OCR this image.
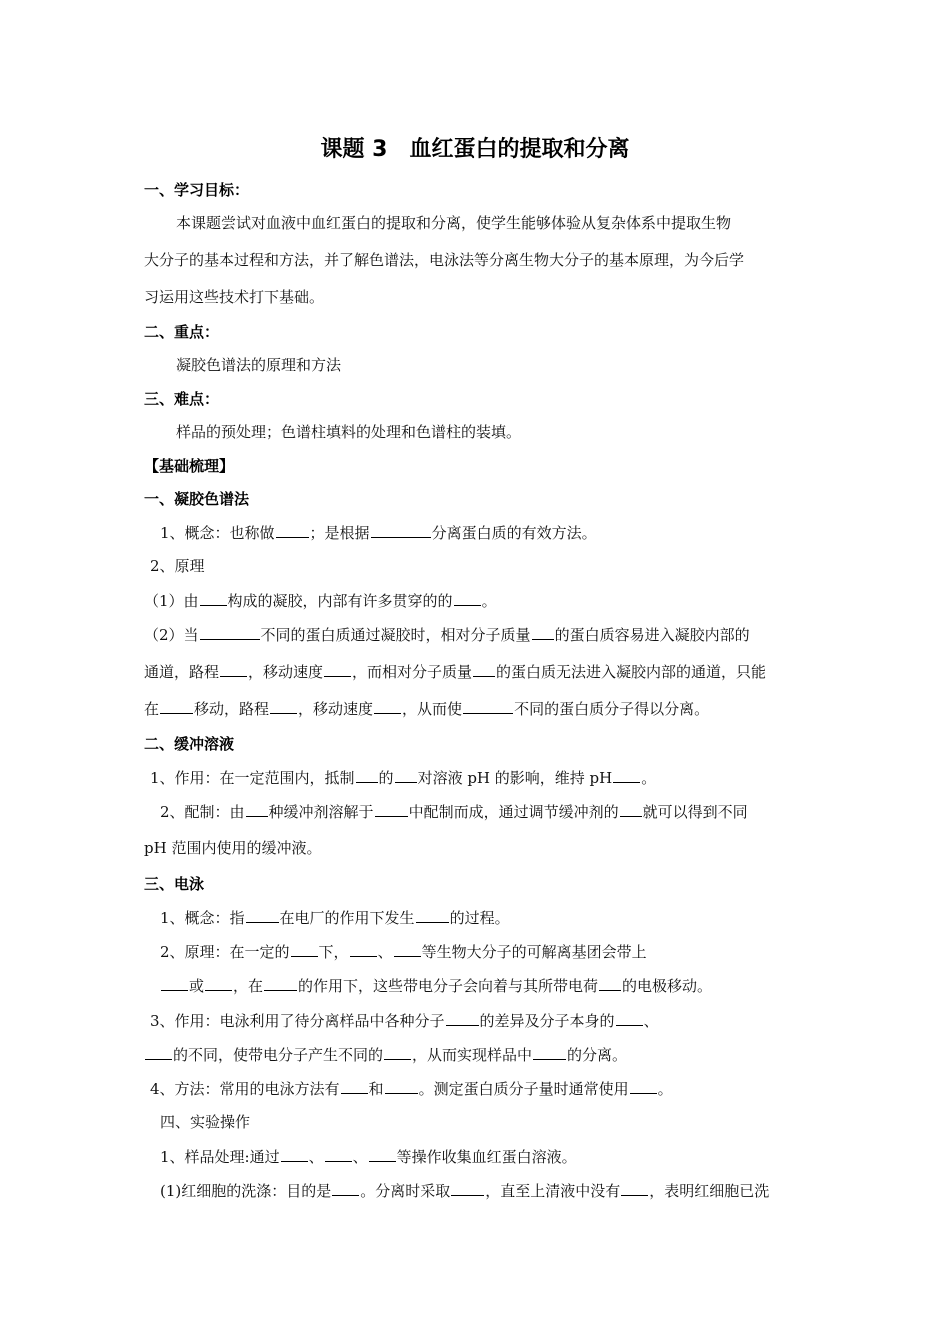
课题 3 血红蛋白的提取和分离
一、学习目标：
本课题尝试对血液中血红蛋白的提取和分离，使学生能够体验从复杂体系中提取生物
大分子的基本过程和方法，并了解色谱法，电泳法等分离生物大分子的基本原理，为今后学
习运用这些技术打下基础。
二、重点：
凝胶色谱法的原理和方法
三、难点：
样品的预处理；色谱柱填料的处理和色谱柱的装填。
【基础梳理】
一、凝胶色谱法
1、概念：也称做 ；是根据	分离蛋白质的有效方法。
2、原理
（1）由 构成的凝胶，内部有许多贯穿的的 。
（2）当	不同的蛋白质通过凝胶时，相对分子质量 的蛋白质容易进入凝胶内部的
通道，路程 ，移动速度 ，而相对分子质量 的蛋白质无法进入凝胶内部的通道，只能
在 移动，路程 ，移动速度 ，从而使	不同的蛋白质分子得以分离。
二、缓冲溶液
1、作用：在一定范围内，抵制 的 对溶液 pH 的影响，维持 pH 。
2、配制：由 种缓冲剂溶解于 中配制而成，通过调节缓冲剂的 就可以得到不同
pH 范围内使用的缓冲液。
三、电泳
1、概念：指 在电厂的作用下发生 的过程。
2、原理：在一定的 下， 、 等生物大分子的可解离基团会带上
或 ，在 的作用下，这些带电分子会向着与其所带电荷 的电极移动。
3、作用：电泳利用了待分离样品中各种分子 的差异及分子本身的 、
的不同，使带电分子产生不同的 ，从而实现样品中 的分离。
4、方法：常用的电泳方法有 和 。测定蛋白质分子量时通常使用 。
四、实验操作
1、样品处理:通过 、 、 等操作收集血红蛋白溶液。
(1)红细胞的洗涤：目的是 。分离时采取 ，直至上清液中没有 ，表明红细胞已洗
